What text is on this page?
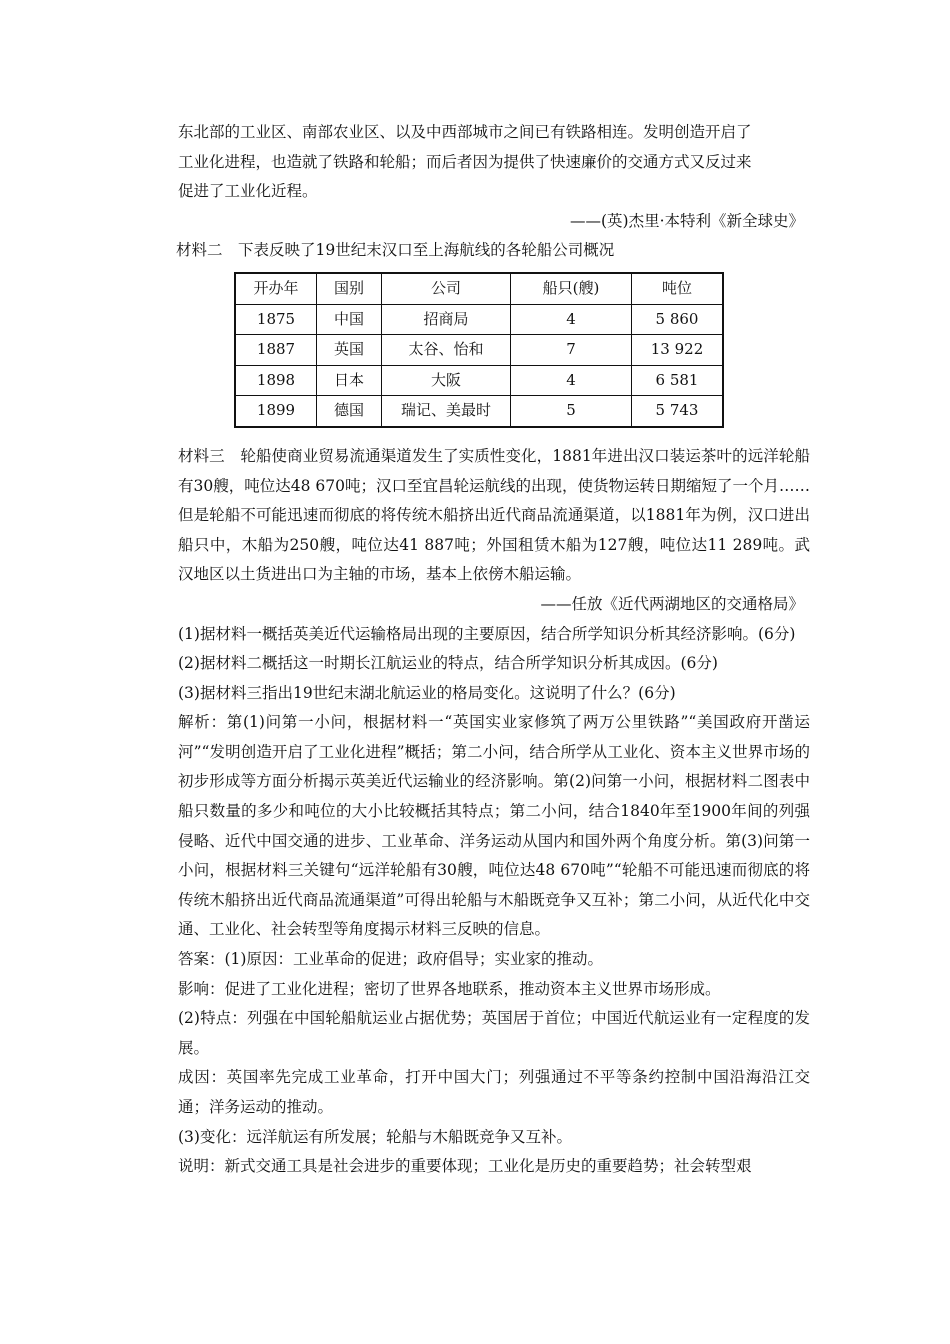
东北部的工业区、南部农业区、以及中西部城市之间已有铁路相连。发明创造开启了

工业化进程，也造就了铁路和轮船；而后者因为提供了快速廉价的交通方式又反过来

促进了工业化近程。

——(英)杰里·本特利《新全球史》

材料二　下表反映了19世纪末汉口至上海航线的各轮船公司概况

开办年	国别	公司	船只(艘)	吨位
1875	中国	招商局	4	5 860
1887	英国	太谷、怡和	7	13 922
1898	日本	大阪	4	6 581
1899	德国	瑞记、美最时	5	5 743

材料三　轮船使商业贸易流通渠道发生了实质性变化，1881年进出汉口装运茶叶的远洋轮船有30艘，吨位达48 670吨；汉口至宜昌轮运航线的出现，使货物运转日期缩短了一个月……但是轮船不可能迅速而彻底的将传统木船挤出近代商品流通渠道，以1881年为例，汉口进出船只中，木船为250艘，吨位达41 887吨；外国租赁木船为127艘，吨位达11 289吨。武汉地区以土货进出口为主轴的市场，基本上依傍木船运输。

——任放《近代两湖地区的交通格局》

(1)据材料一概括英美近代运输格局出现的主要原因，结合所学知识分析其经济影响。(6分)

(2)据材料二概括这一时期长江航运业的特点，结合所学知识分析其成因。(6分)

(3)据材料三指出19世纪末湖北航运业的格局变化。这说明了什么？(6分)

解析：第(1)问第一小问，根据材料一“英国实业家修筑了两万公里铁路”“美国政府开凿运河”“发明创造开启了工业化进程”概括；第二小问，结合所学从工业化、资本主义世界市场的初步形成等方面分析揭示英美近代运输业的经济影响。第(2)问第一小问，根据材料二图表中船只数量的多少和吨位的大小比较概括其特点；第二小问，结合1840年至1900年间的列强侵略、近代中国交通的进步、工业革命、洋务运动从国内和国外两个角度分析。第(3)问第一小问，根据材料三关键句“远洋轮船有30艘，吨位达48 670吨”“轮船不可能迅速而彻底的将传统木船挤出近代商品流通渠道”可得出轮船与木船既竞争又互补；第二小问，从近代化中交通、工业化、社会转型等角度揭示材料三反映的信息。

答案：(1)原因：工业革命的促进；政府倡导；实业家的推动。

影响：促进了工业化进程；密切了世界各地联系，推动资本主义世界市场形成。

(2)特点：列强在中国轮船航运业占据优势；英国居于首位；中国近代航运业有一定程度的发展。

成因：英国率先完成工业革命，打开中国大门；列强通过不平等条约控制中国沿海沿江交通；洋务运动的推动。

(3)变化：远洋航运有所发展；轮船与木船既竞争又互补。

说明：新式交通工具是社会进步的重要体现；工业化是历史的重要趋势；社会转型艰
